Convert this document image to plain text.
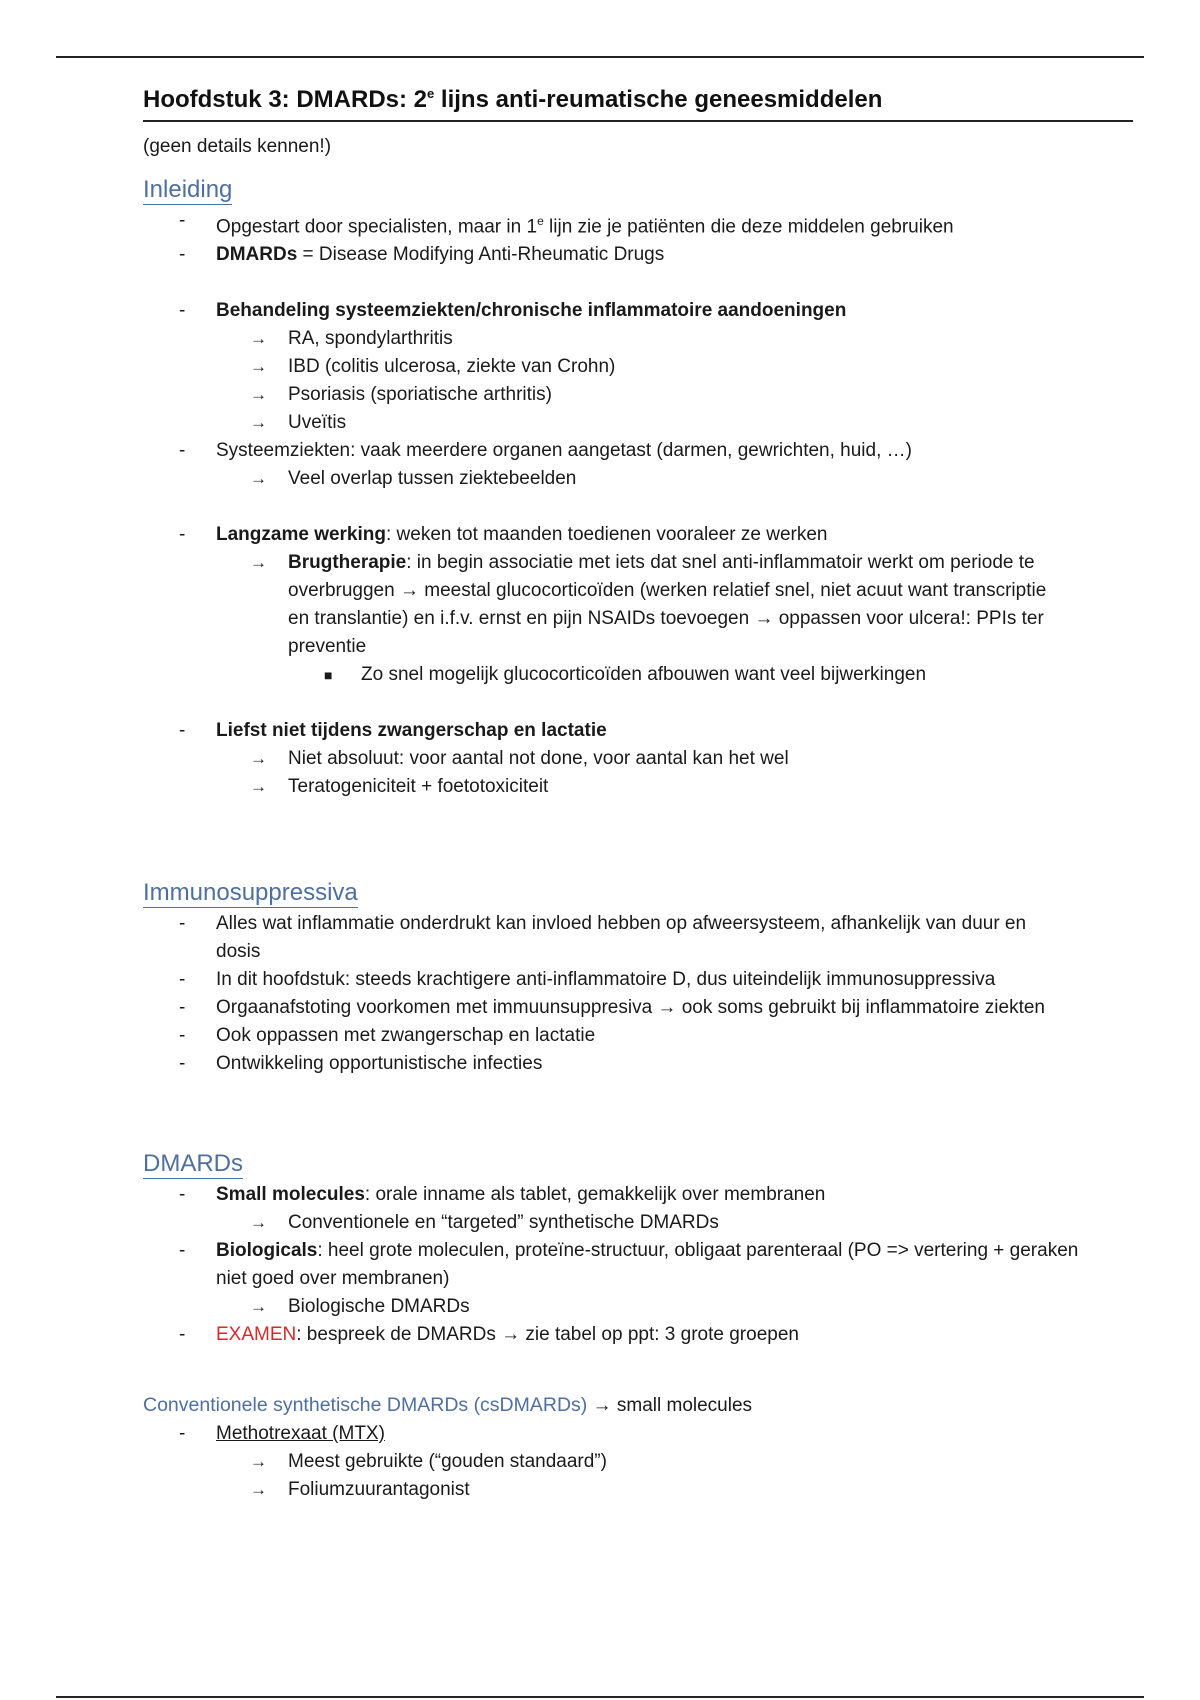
Hoofdstuk 3: DMARDs: 2e lijns anti-reumatische geneesmiddelen
(geen details kennen!)
Inleiding
- Opgestart door specialisten, maar in 1e lijn zie je patiënten die deze middelen gebruiken
- DMARDs = Disease Modifying Anti-Rheumatic Drugs
- Behandeling systeemziekten/chronische inflammatoire aandoeningen
→ RA, spondylarthritis
→ IBD (colitis ulcerosa, ziekte van Crohn)
→ Psoriasis (sporiatische arthritis)
→ Uveïtis
- Systeemziekten: vaak meerdere organen aangetast (darmen, gewrichten, huid, …)
→ Veel overlap tussen ziektebeelden
- Langzame werking: weken tot maanden toedienen vooraleer ze werken
→ Brugtherapie: in begin associatie met iets dat snel anti-inflammatoir werkt om periode te
overbruggen → meestal glucocorticoïden (werken relatief snel, niet acuut want transcriptie
en translantie) en i.f.v. ernst en pijn NSAIDs toevoegen → oppassen voor ulcera!: PPIs ter
preventie
■ Zo snel mogelijk glucocorticoïden afbouwen want veel bijwerkingen
- Liefst niet tijdens zwangerschap en lactatie
→ Niet absoluut: voor aantal not done, voor aantal kan het wel
→ Teratogeniciteit + foetotoxiciteit
Immunosuppressiva
- Alles wat inflammatie onderdrukt kan invloed hebben op afweersysteem, afhankelijk van duur en
dosis
- In dit hoofdstuk: steeds krachtigere anti-inflammatoire D, dus uiteindelijk immunosuppressiva
- Orgaanafstoting voorkomen met immuunsuppresiva → ook soms gebruikt bij inflammatoire ziekten
- Ook oppassen met zwangerschap en lactatie
- Ontwikkeling opportunistische infecties
DMARDs
- Small molecules: orale inname als tablet, gemakkelijk over membranen
→ Conventionele en “targeted” synthetische DMARDs
- Biologicals: heel grote moleculen, proteïne-structuur, obligaat parenteraal (PO => vertering + geraken
niet goed over membranen)
→ Biologische DMARDs
- EXAMEN: bespreek de DMARDs → zie tabel op ppt: 3 grote groepen
Conventionele synthetische DMARDs (csDMARDs) → small molecules
- Methotrexaat (MTX)
→ Meest gebruikte (“gouden standaard”)
→ Foliumzuurantagonist
